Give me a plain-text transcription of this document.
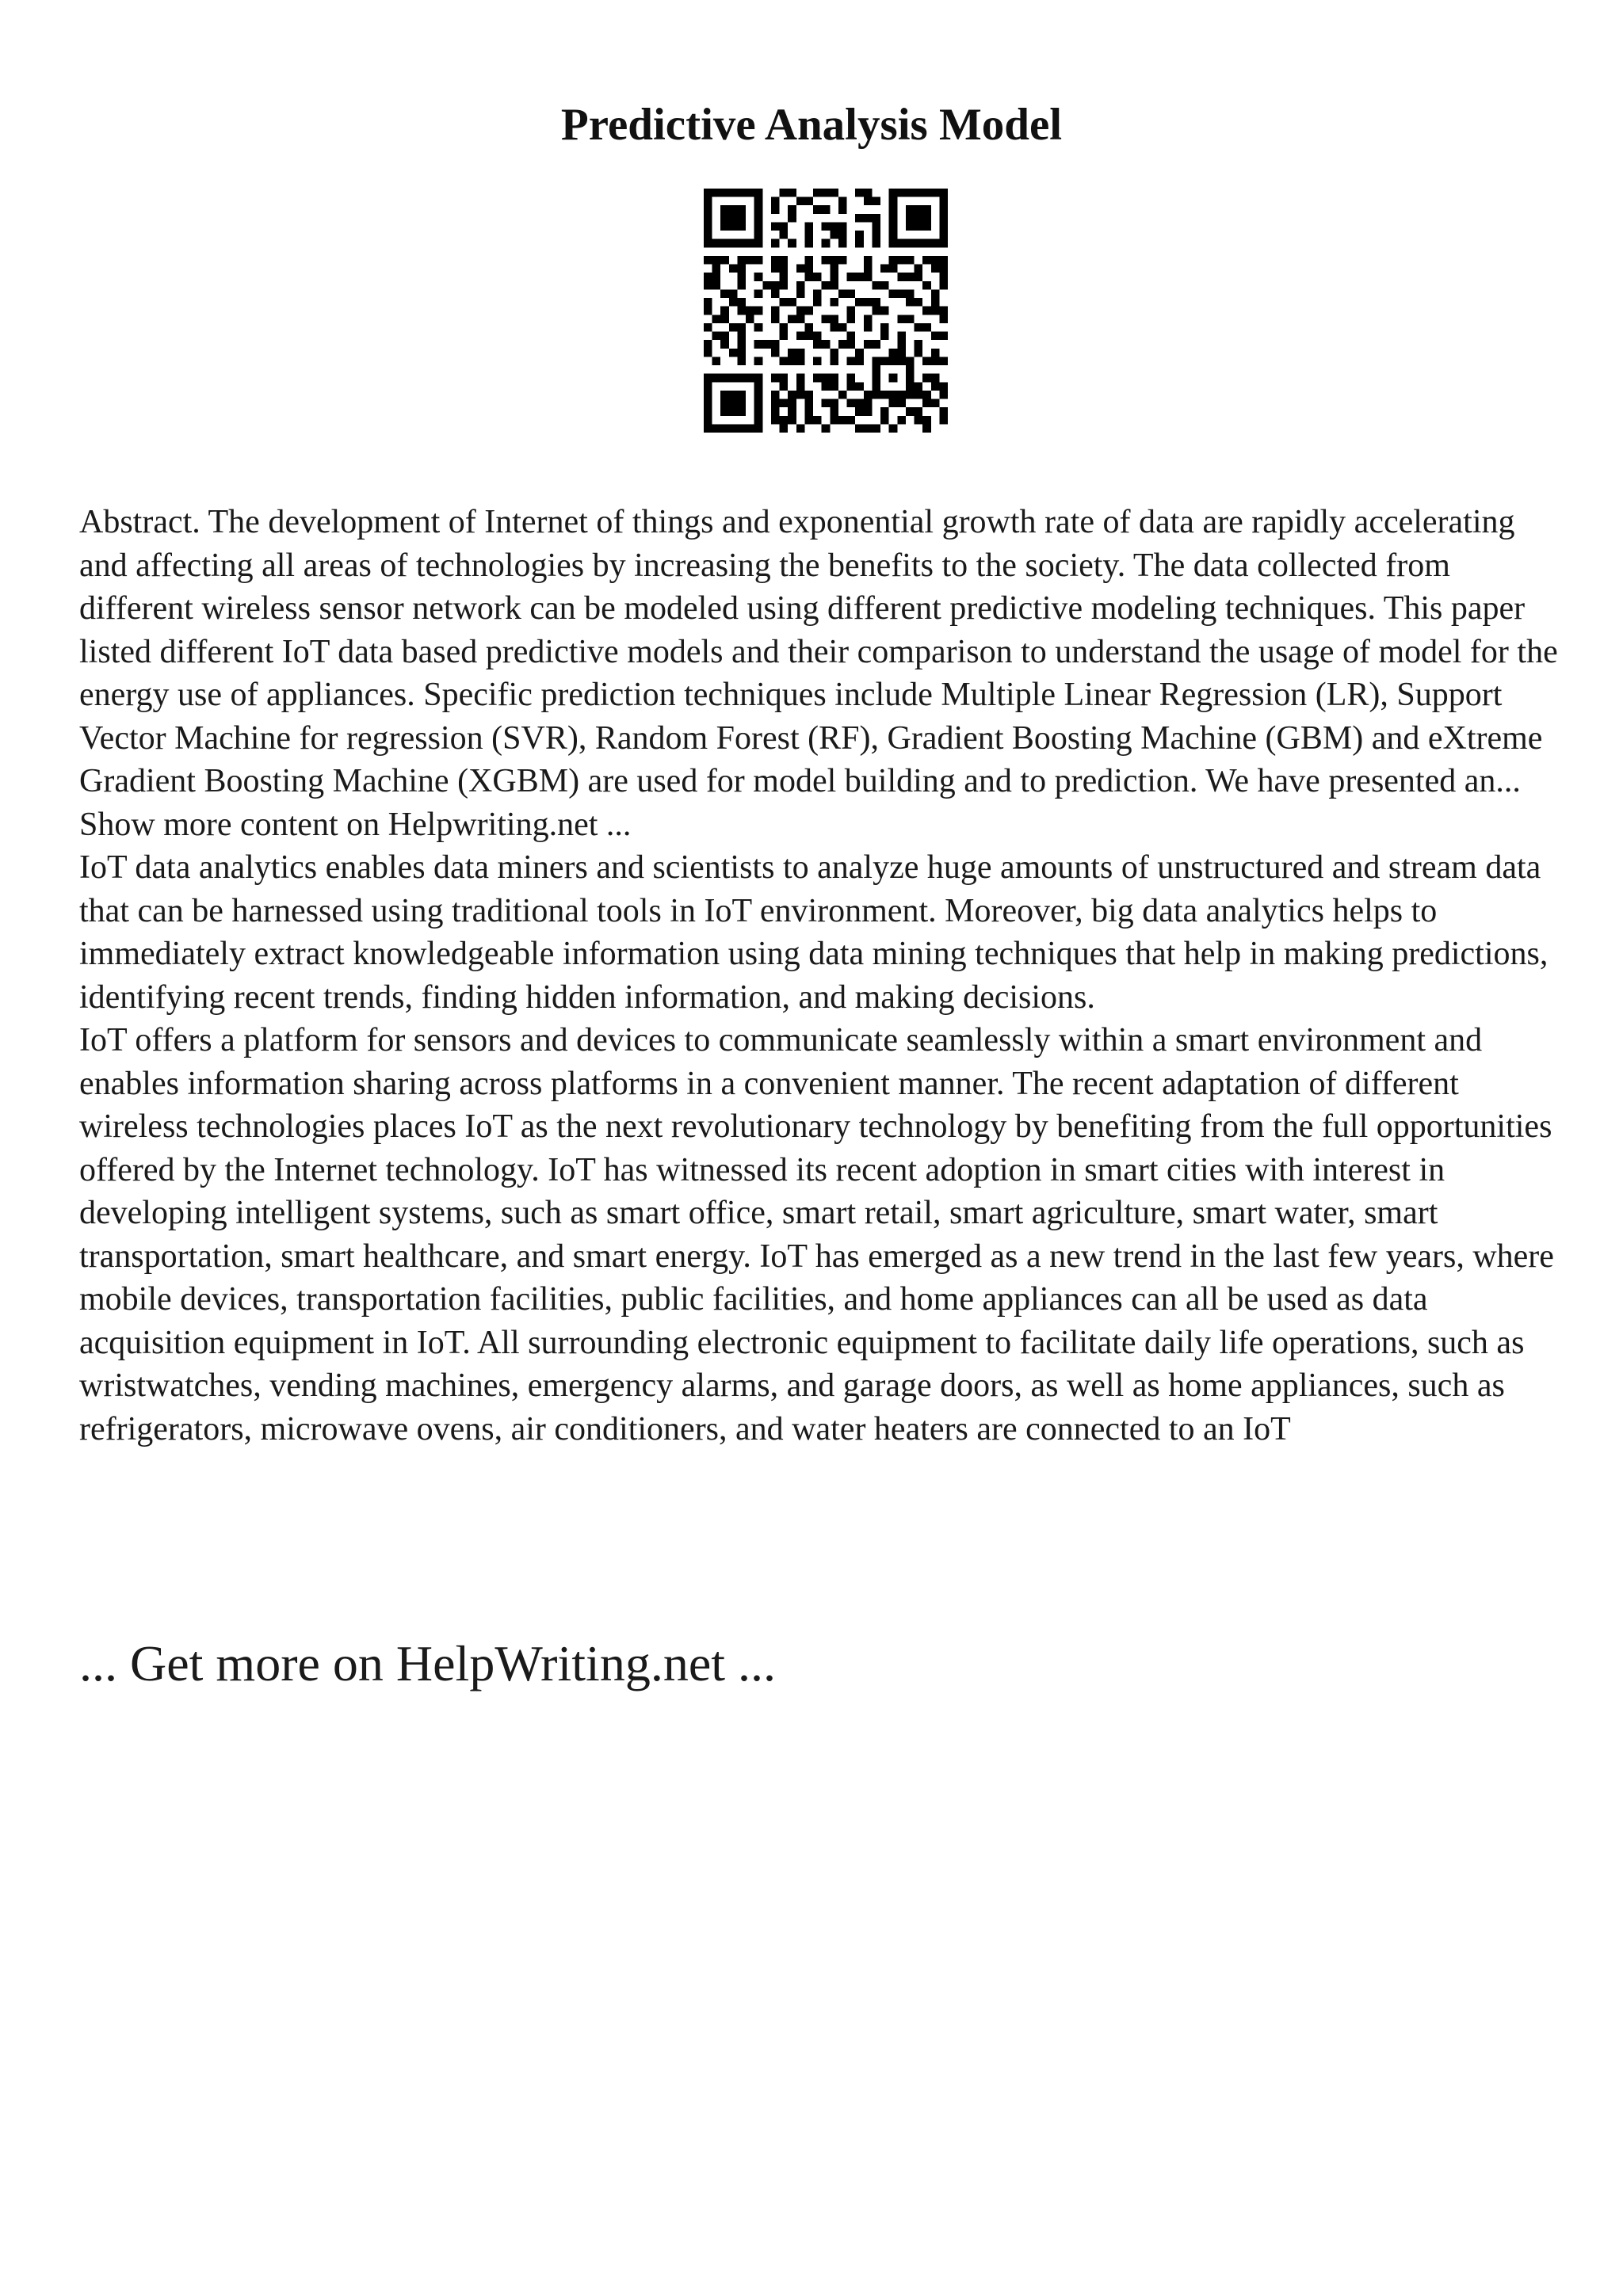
Predictive Analysis Model

Abstract. The development of Internet of things and exponential growth rate of data are rapidly accelerating and affecting all areas of technologies by increasing the benefits to the society. The data collected from different wireless sensor network can be modeled using different predictive modeling techniques. This paper listed different IoT data based predictive models and their comparison to understand the usage of model for the energy use of appliances. Specific prediction techniques include Multiple Linear Regression (LR), Support Vector Machine for regression (SVR), Random Forest (RF), Gradient Boosting Machine (GBM) and eXtreme Gradient Boosting Machine (XGBM) are used for model building and to prediction. We have presented an... Show more content on Helpwriting.net ...

IoT data analytics enables data miners and scientists to analyze huge amounts of unstructured and stream data that can be harnessed using traditional tools in IoT environment. Moreover, big data analytics helps to immediately extract knowledgeable information using data mining techniques that help in making predictions, identifying recent trends, finding hidden information, and making decisions.

IoT offers a platform for sensors and devices to communicate seamlessly within a smart environment and enables information sharing across platforms in a convenient manner. The recent adaptation of different wireless technologies places IoT as the next revolutionary technology by benefiting from the full opportunities offered by the Internet technology. IoT has witnessed its recent adoption in smart cities with interest in developing intelligent systems, such as smart office, smart retail, smart agriculture, smart water, smart transportation, smart healthcare, and smart energy. IoT has emerged as a new trend in the last few years, where mobile devices, transportation facilities, public facilities, and home appliances can all be used as data acquisition equipment in IoT. All surrounding electronic equipment to facilitate daily life operations, such as wristwatches, vending machines, emergency alarms, and garage doors, as well as home appliances, such as refrigerators, microwave ovens, air conditioners, and water heaters are connected to an IoT

... Get more on HelpWriting.net ...
